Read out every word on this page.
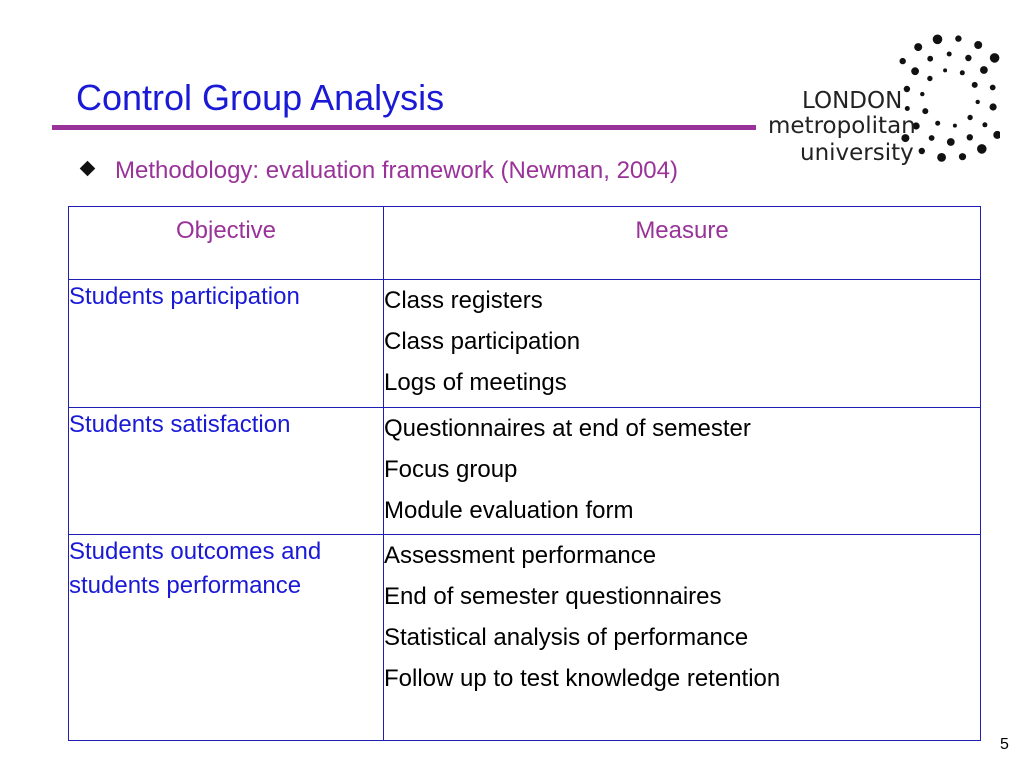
Control Group Analysis
Methodology: evaluation framework (Newman, 2004)
LONDON
metropolitan
university
Objective	Measure
Students participation	Class registers
Class participation
Logs of meetings

Students satisfaction	Questionnaires at end of semester
Focus group
Module evaluation form

Students outcomes and students performance	Assessment performance
End of semester questionnaires
Statistical analysis of performance
Follow up to test knowledge retention
5
